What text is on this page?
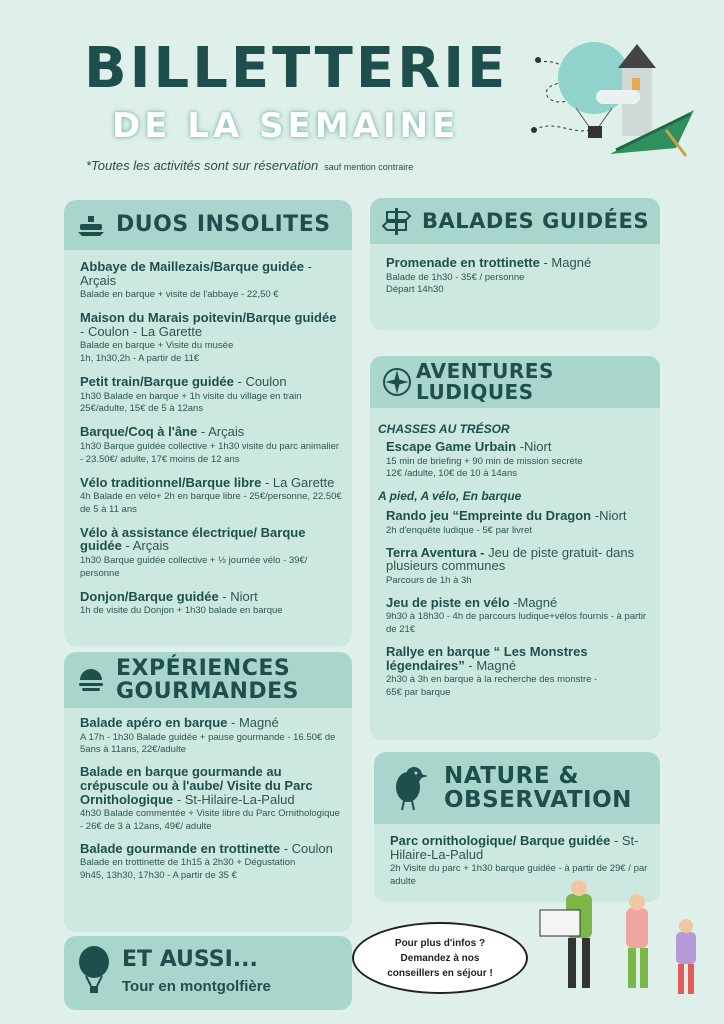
BILLETTERIE
DE LA SEMAINE
*Toutes les activités sont sur réservation sauf mention contraire
DUOS INSOLITES
Abbaye de Maillezais/Barque guidée - Arçais
Balade en barque + visite de l'abbaye - 22,50 €
Maison du Marais poitevin/Barque guidée - Coulon - La Garette
Balade en barque + Visite du musée
1h, 1h30,2h - A partir de 11€
Petit train/Barque guidée - Coulon
1h30 Balade en barque + 1h visite du village en train
25€/adulte, 15€ de 5 à 12ans
Barque/Coq à l'âne - Arçais
1h30 Barque guidée collective + 1h30 visite du parc animalier - 23.50€/ adulte, 17€ moins de 12 ans
Vélo traditionnel/Barque libre - La Garette
4h Balade en vélo+ 2h en barque libre - 25€/personne, 22.50€ de 5 à 11 ans
Vélo à assistance électrique/ Barque guidée - Arçais
1h30 Barque guidée collective + ½ journée vélo - 39€/ personne
Donjon/Barque guidée - Niort
1h de visite du Donjon + 1h30 balade en barque
EXPÉRIENCES
GOURMANDES
Balade apéro en barque - Magné
A 17h - 1h30 Balade guidée + pause gourmande - 16.50€ de 5ans à 11ans, 22€/adulte
Balade en barque gourmande au crépuscule ou à l'aube/ Visite du Parc Ornithologique - St-Hilaire-La-Palud
4h30 Balade commentée + Visite libre du Parc Ornithologique - 26€ de 3 à 12ans, 49€/ adulte
Balade gourmande en trottinette - Coulon
Balade en trottinette de 1h15 à 2h30 + Dégustation
9h45, 13h30, 17h30 - A partir de 35 €
ET AUSSI...
Tour en montgolfière
BALADES GUIDÉES
Promenade en trottinette - Magné
Balade de 1h30 - 35€ / personne
Départ 14h30
AVENTURES LUDIQUES
CHASSES AU TRÉSOR
Escape Game Urbain -Niort
15 min de briefing + 90 min de mission secrète
12€ /adulte, 10€ de 10 à 14ans
A pied, A vélo, En barque
Rando jeu “Empreinte du Dragon -Niort
2h d'enquête ludique - 5€ par livret
Terra Aventura - Jeu de piste gratuit- dans plusieurs communes
Parcours de 1h à 3h
Jeu de piste en vélo -Magné
9h30 à 18h30 - 4h de parcours ludique+vélos fournis - à partir de 21€
Rallye en barque “ Les Monstres légendaires” - Magné
2h30 à 3h en barque à la recherche des monstre -
65€ par barque
NATURE &
OBSERVATION
Parc ornithologique/ Barque guidée - St-Hilaire-La-Palud
2h Visite du parc + 1h30 barque guidée - à partir de 29€ / par adulte
Pour plus d'infos ?
Demandez à nos
conseillers en séjour !
